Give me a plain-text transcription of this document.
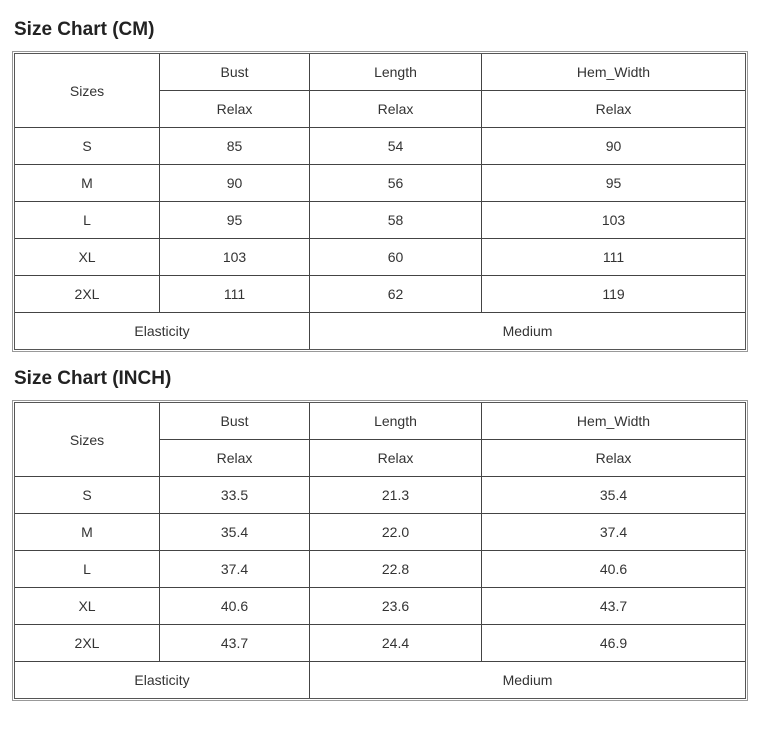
Size Chart (CM)
Sizes	Bust	Length	Hem_Width
	Relax	Relax	Relax
S	85	54	90
M	90	56	95
L	95	58	103
XL	103	60	111
2XL	111	62	119
Elasticity		Medium	
Size Chart (INCH)
Sizes	Bust	Length	Hem_Width
	Relax	Relax	Relax
S	33.5	21.3	35.4
M	35.4	22.0	37.4
L	37.4	22.8	40.6
XL	40.6	23.6	43.7
2XL	43.7	24.4	46.9
Elasticity		Medium	
